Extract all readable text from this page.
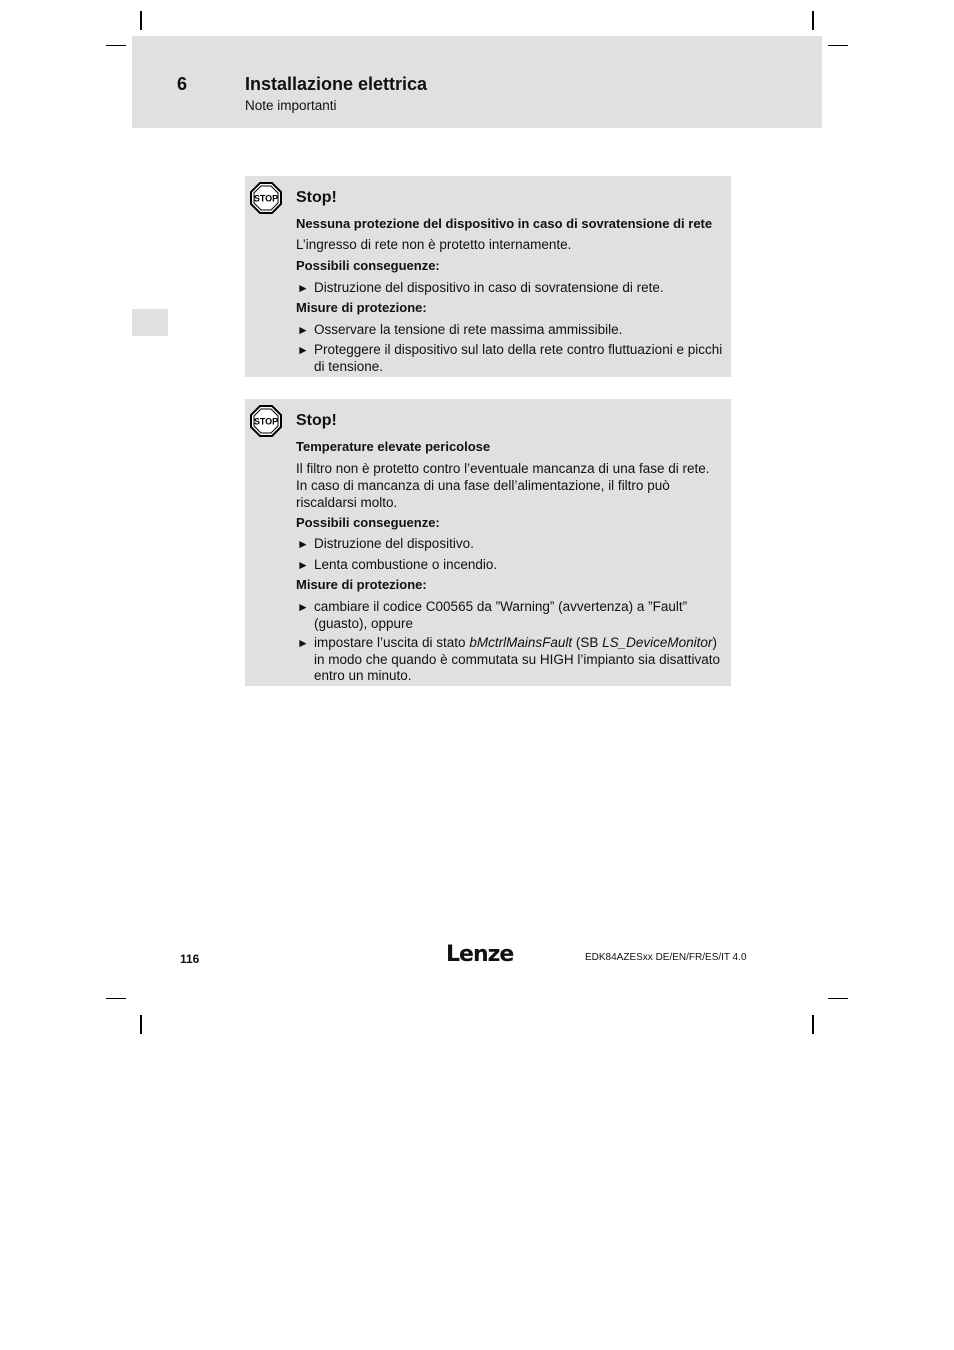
6	Installazione elettrica
Note importanti
STOP Stop!
Nessuna protezione del dispositivo in caso di sovratensione di rete
L’ingresso di rete non è protetto internamente.
Possibili conseguenze:
► Distruzione del dispositivo in caso di sovratensione di rete.
Misure di protezione:
► Osservare la tensione di rete massima ammissibile.
► Proteggere il dispositivo sul lato della rete contro fluttuazioni e picchi di tensione.
STOP Stop!
Temperature elevate pericolose
Il filtro non è protetto contro l’eventuale mancanza di una fase di rete. In caso di mancanza di una fase dell’alimentazione, il filtro può riscaldarsi molto.
Possibili conseguenze:
► Distruzione del dispositivo.
► Lenta combustione o incendio.
Misure di protezione:
► cambiare il codice C00565 da ”Warning” (avvertenza) a ”Fault” (guasto), oppure
► impostare l’uscita di stato bMctrlMainsFault (SB LS_DeviceMonitor) in modo che quando è commutata su HIGH l’impianto sia disattivato entro un minuto.
116	Lenze	EDK84AZESxx DE/EN/FR/ES/IT 4.0
